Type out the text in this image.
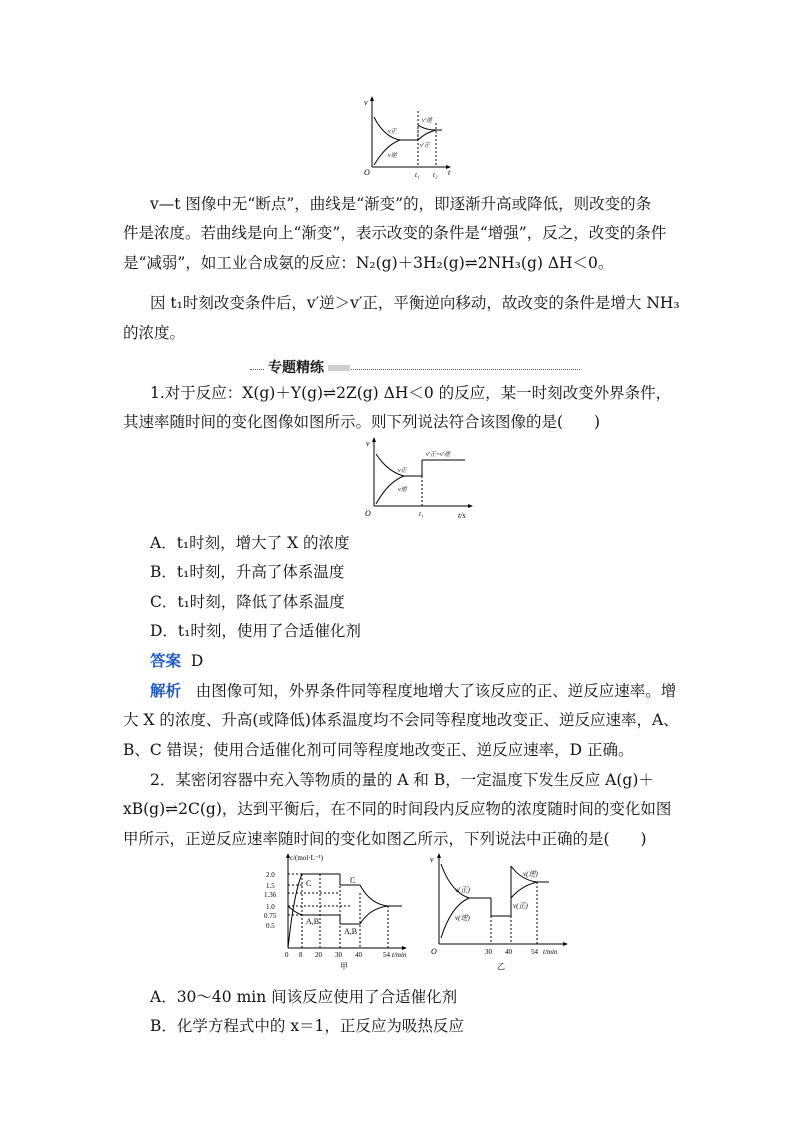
v
O	t
t₁ t₂
v正
v逆
v′逆
v′正
v—t 图像中无“断点”，曲线是“渐变”的，即逐渐升高或降低，则改变的条
件是浓度。若曲线是向上“渐变”，表示改变的条件是“增强”，反之，改变的条件
是“减弱”，如工业合成氨的反应：N₂(g)＋3H₂(g)⇌2NH₃(g) ΔH＜0。
因 t₁时刻改变条件后，v′逆＞v′正，平衡逆向移动，故改变的条件是增大 NH₃
的浓度。
专题精练
1.对于反应：X(g)＋Y(g)⇌2Z(g) ΔH＜0 的反应，某一时刻改变外界条件，
其速率随时间的变化图像如图所示。则下列说法符合该图像的是(　　)
v
O	t/s
t₁
v正
v逆
v′正=v′逆
A．t₁时刻，增大了 X 的浓度
B．t₁时刻，升高了体系温度
C．t₁时刻，降低了体系温度
D．t₁时刻，使用了合适催化剂
答案 D
解析 由图像可知，外界条件同等程度地增大了该反应的正、逆反应速率。增
大 X 的浓度、升高(或降低)体系温度均不会同等程度地改变正、逆反应速率，A、
B、C 错误；使用合适催化剂可同等程度地改变正、逆反应速率，D 正确。
2．某密闭容器中充入等物质的量的 A 和 B，一定温度下发生反应 A(g)＋
xB(g)⇌2C(g)，达到平衡后，在不同的时间段内反应物的浓度随时间的变化如图
甲所示，正逆反应速率随时间的变化如图乙所示，下列说法中正确的是(　　)
c/(mol·L⁻¹)
2.0
1.5
1.36
1.0
0.75
0.5
0 8 20 30 40	54 t/min
C
A,B
C
A,B
甲
v
O	30 40	54 t/min
v(正)
v(逆)
v(逆)
v(正)
乙
A．30～40 min 间该反应使用了合适催化剂
B．化学方程式中的 x＝1，正反应为吸热反应
